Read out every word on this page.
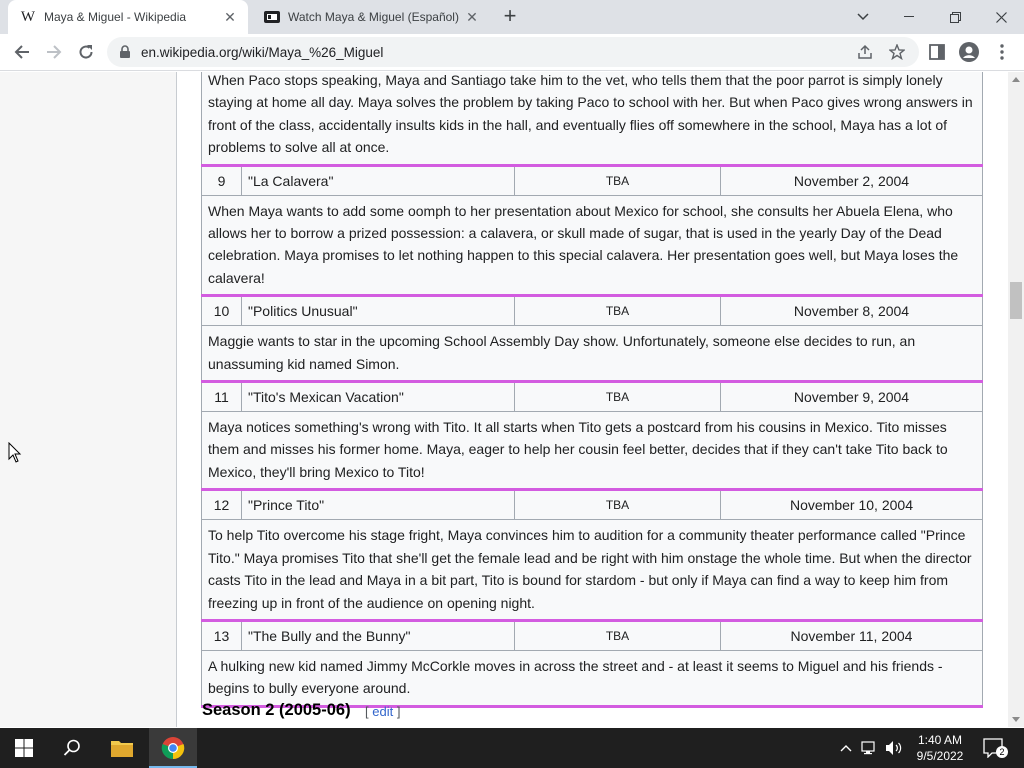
W Maya & Miguel - Wikipedia	✕	Watch Maya & Miguel (Español) ✕ +
en.wikipedia.org/wiki/Maya_%26_Miguel
When Paco stops speaking, Maya and Santiago take him to the vet, who tells them that the poor parrot is simply lonely staying at home all day. Maya solves the problem by taking Paco to school with her. But when Paco gives wrong answers in front of the class, accidentally insults kids in the hall, and eventually flies off somewhere in the school, Maya has a lot of problems to solve all at once.			
9	"La Calavera"	TBA	November 2, 2004
When Maya wants to add some oomph to her presentation about Mexico for school, she consults her Abuela Elena, who allows her to borrow a prized possession: a calavera, or skull made of sugar, that is used in the yearly Day of the Dead celebration. Maya promises to let nothing happen to this special calavera. Her presentation goes well, but Maya loses the calavera!			
10	"Politics Unusual"	TBA	November 8, 2004
Maggie wants to star in the upcoming School Assembly Day show. Unfortunately, someone else decides to run, an unassuming kid named Simon.			
11	"Tito's Mexican Vacation"	TBA	November 9, 2004
Maya notices something's wrong with Tito. It all starts when Tito gets a postcard from his cousins in Mexico. Tito misses them and misses his former home. Maya, eager to help her cousin feel better, decides that if they can't take Tito back to Mexico, they'll bring Mexico to Tito!			
12	"Prince Tito"	TBA	November 10, 2004
To help Tito overcome his stage fright, Maya convinces him to audition for a community theater performance called "Prince Tito." Maya promises Tito that she'll get the female lead and be right with him onstage the whole time. But when the director casts Tito in the lead and Maya in a bit part, Tito is bound for stardom - but only if Maya can find a way to keep him from freezing up in front of the audience on opening night.			
13	"The Bully and the Bunny"	TBA	November 11, 2004
A hulking new kid named Jimmy McCorkle moves in across the street and - at least it seems to Miguel and his friends - begins to bully everyone around.			
Season 2 (2005-06) [ edit ]
1:40 AM
9/5/2022	2
